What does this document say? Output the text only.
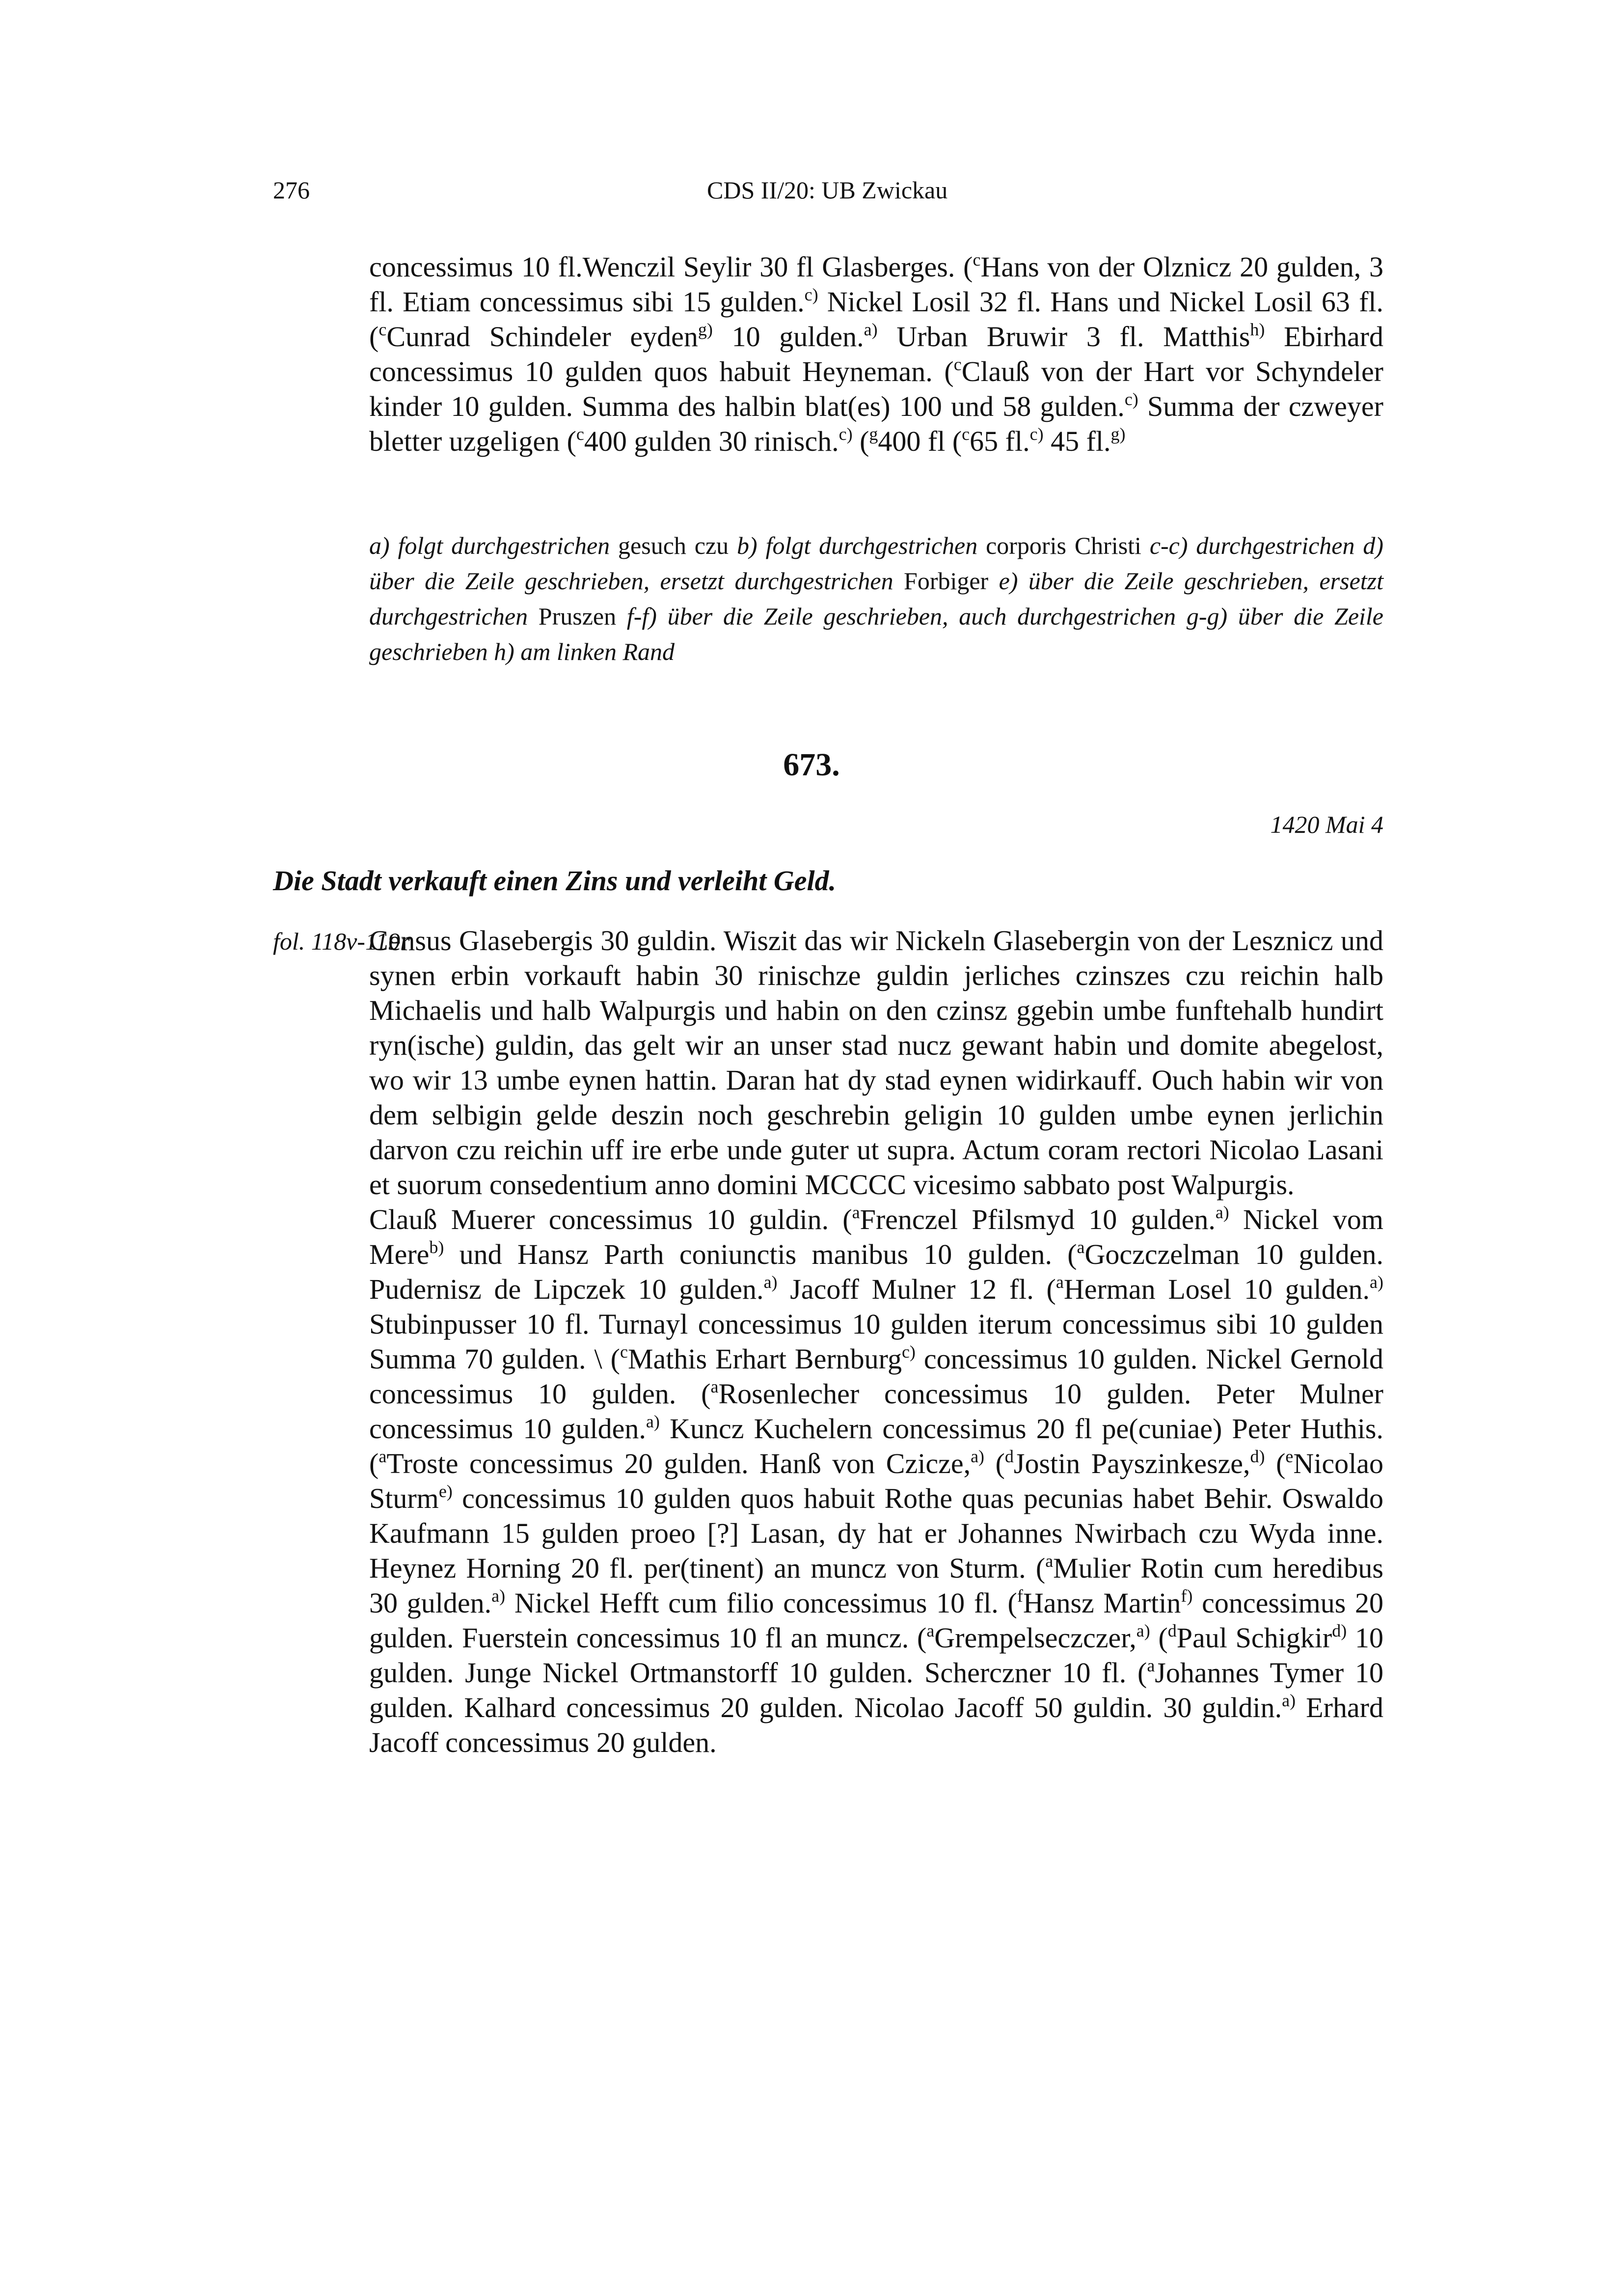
276	CDS II/20: UB Zwickau
concessimus 10 fl.Wenczil Seylir 30 fl Glasberges. ($^c$Hans von der Olznicz 20 gulden, 3 fl. Etiam concessimus sibi 15 gulden.$^{c)}$ Nickel Losil 32 fl. Hans und Nickel Losil 63 fl. ($^c$Cunrad Schindeler eyden$^{g)}$ 10 gulden.$^{a)}$ Urban Bruwir 3 fl. Matthis$^{h)}$ Ebirhard concessimus 10 gulden quos habuit Heyneman. ($^c$Clauß von der Hart vor Schyndeler kinder 10 gulden. Summa des halbin blat(es) 100 und 58 gulden.$^{c)}$ Summa der czweyer bletter uzgeligen ($^c$400 gulden 30 rinisch.$^{c)}$ ($^g$400 fl ($^c$65 fl.$^{c)}$ 45 fl.$^{g)}$
a) folgt durchgestrichen gesuch czu b) folgt durchgestrichen corporis Christi c-c) durchgestrichen d) über die Zeile geschrieben, ersetzt durchgestrichen Forbiger e) über die Zeile geschrieben, ersetzt durchgestrichen Pruszen f-f) über die Zeile geschrieben, auch durchgestrichen g-g) über die Zeile geschrieben h) am linken Rand
673.
1420 Mai 4
Die Stadt verkauft einen Zins und verleiht Geld.
fol. 118v-119r

Census Glasebergis 30 guldin. Wiszit das wir Nickeln Glasebergin von der Lesznicz und synen erbin vorkauft habin 30 rinischze guldin jerliches czinszes czu reichin halb Michaelis und halb Walpurgis und habin on den czinsz ggebin umbe funftehalb hundirt ryn(ische) guldin, das gelt wir an unser stad nucz gewant habin und domite abegelost, wo wir 13 umbe eynen hattin. Daran hat dy stad eynen widirkauff. Ouch habin wir von dem selbigin gelde deszin noch geschrebin geligin 10 gulden umbe eynen jerlichin darvon czu reichin uff ire erbe unde guter ut supra. Actum coram rectori Nicolao Lasani et suorum consedentium anno domini MCCCC vicesimo sabbato post Walpurgis.

Clauß Muerer concessimus 10 guldin. ($^a$Frenczel Pfilsmyd 10 gulden.$^{a)}$ Nickel vom Mere$^{b)}$ und Hansz Parth coniunctis manibus 10 gulden. ($^a$Goczczelman 10 gulden. Pudernisz de Lipczek 10 gulden.$^{a)}$ Jacoff Mulner 12 fl. ($^a$Herman Losel 10 gulden.$^{a)}$ Stubinpusser 10 fl. Turnayl concessimus 10 gulden iterum concessimus sibi 10 gulden Summa 70 gulden. \ ($^c$Mathis Erhart Bernburg$^{c)}$ concessimus 10 gulden. Nickel Gernold concessimus 10 gulden. ($^a$Rosenlecher concessimus 10 gulden. Peter Mulner concessimus 10 gulden.$^{a)}$ Kuncz Kuchelern concessimus 20 fl pe(cuniae) Peter Huthis. ($^a$Troste concessimus 20 gulden. Hanß von Czicze,$^{a)}$ ($^d$Jostin Payszinkesze,$^{d)}$ ($^e$Nicolao Sturm$^{e)}$ concessimus 10 gulden quos habuit Rothe quas pecunias habet Behir. Oswaldo Kaufmann 15 gulden proeo [?] Lasan, dy hat er Johannes Nwirbach czu Wyda inne. Heynez Horning 20 fl. per(tinent) an muncz von Sturm. ($^a$Mulier Rotin cum heredibus 30 gulden.$^{a)}$ Nickel Hefft cum filio concessimus 10 fl. ($^f$Hansz Martin$^{f)}$ concessimus 20 gulden. Fuerstein concessimus 10 fl an muncz. ($^a$Grempelseczczer,$^{a)}$ ($^d$Paul Schigkir$^{d)}$ 10 gulden. Junge Nickel Ortmanstorff 10 gulden. Scherczner 10 fl. ($^a$Johannes Tymer 10 gulden. Kalhard concessimus 20 gulden. Nicolao Jacoff 50 guldin. 30 guldin.$^{a)}$ Erhard Jacoff concessimus 20 gulden.
